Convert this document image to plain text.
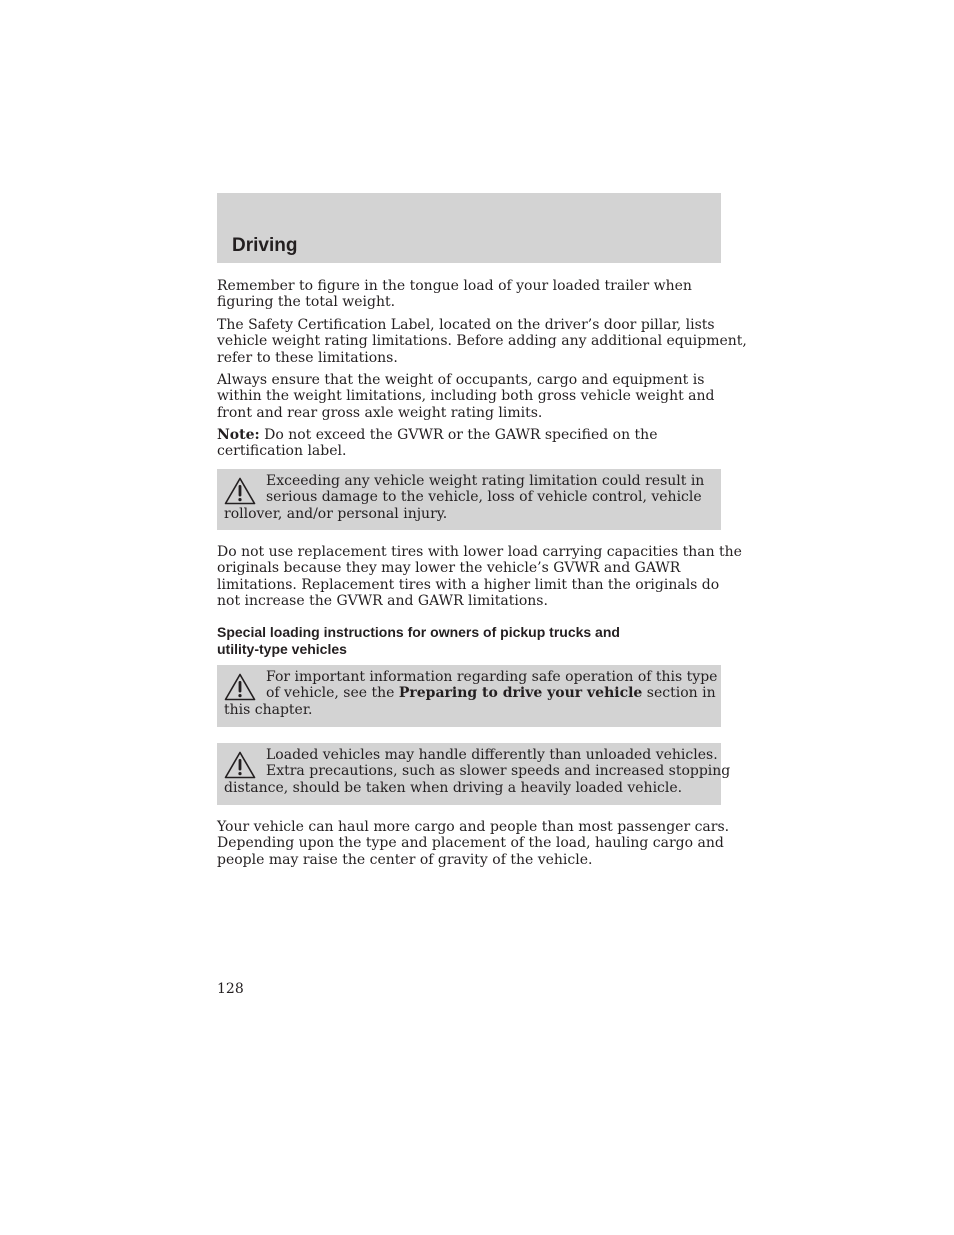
Driving
Remember to figure in the tongue load of your loaded trailer when
figuring the total weight.
The Safety Certification Label, located on the driver’s door pillar, lists
vehicle weight rating limitations. Before adding any additional equipment,
refer to these limitations.
Always ensure that the weight of occupants, cargo and equipment is
within the weight limitations, including both gross vehicle weight and
front and rear gross axle weight rating limits.
Note: Do not exceed the GVWR or the GAWR specified on the
certification label.
Exceeding any vehicle weight rating limitation could result in
serious damage to the vehicle, loss of vehicle control, vehicle
rollover, and/or personal injury.
Do not use replacement tires with lower load carrying capacities than the
originals because they may lower the vehicle’s GVWR and GAWR
limitations. Replacement tires with a higher limit than the originals do
not increase the GVWR and GAWR limitations.
Special loading instructions for owners of pickup trucks and
utility-type vehicles
For important information regarding safe operation of this type
of vehicle, see the Preparing to drive your vehicle section in
this chapter.
Loaded vehicles may handle differently than unloaded vehicles.
Extra precautions, such as slower speeds and increased stopping
distance, should be taken when driving a heavily loaded vehicle.
Your vehicle can haul more cargo and people than most passenger cars.
Depending upon the type and placement of the load, hauling cargo and
people may raise the center of gravity of the vehicle.
128
